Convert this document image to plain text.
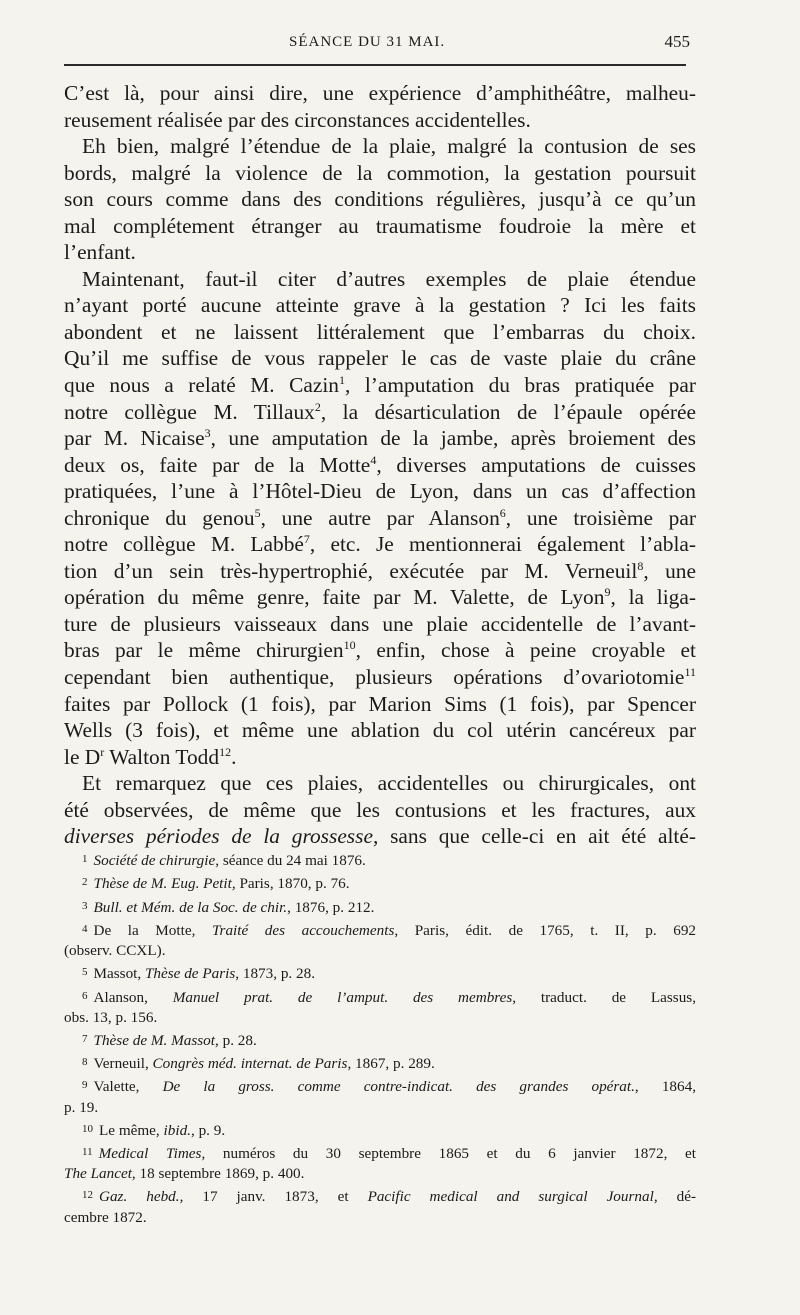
SÉANCE DU 31 MAI.	455

C’est là, pour ainsi dire, une expérience d’amphithéâtre, malheu-
reusement réalisée par des circonstances accidentelles.

Eh bien, malgré l’étendue de la plaie, malgré la contusion de ses
bords, malgré la violence de la commotion, la gestation poursuit
son cours comme dans des conditions régulières, jusqu’à ce qu’un
mal complétement étranger au traumatisme foudroie la mère et
l’enfant.

Maintenant, faut-il citer d’autres exemples de plaie étendue
n’ayant porté aucune atteinte grave à la gestation ? Ici les faits
abondent et ne laissent littéralement que l’embarras du choix.
Qu’il me suffise de vous rappeler le cas de vaste plaie du crâne
que nous a relaté M. Cazin$^1$, l’amputation du bras pratiquée par
notre collègue M. Tillaux$^2$, la désarticulation de l’épaule opérée
par M. Nicaise$^3$, une amputation de la jambe, après broiement des
deux os, faite par de la Motte$^4$, diverses amputations de cuisses
pratiquées, l’une à l’Hôtel-Dieu de Lyon, dans un cas d’affection
chronique du genou$^5$, une autre par Alanson$^6$, une troisième par
notre collègue M. Labbé$^7$, etc. Je mentionnerai également l’abla-
tion d’un sein très-hypertrophié, exécutée par M. Verneuil$^8$, une
opération du même genre, faite par M. Valette, de Lyon$^9$, la liga-
ture de plusieurs vaisseaux dans une plaie accidentelle de l’avant-
bras par le même chirurgien$^{10}$, enfin, chose à peine croyable et
cependant bien authentique, plusieurs opérations d’ovariotomie$^{11}$
faites par Pollock (1 fois), par Marion Sims (1 fois), par Spencer
Wells (3 fois), et même une ablation du col utérin cancéreux par
le $D^r$ Walton Todd$^{12}$.

Et remarquez que ces plaies, accidentelles ou chirurgicales, ont
été observées, de même que les contusions et les fractures, aux
diverses périodes de la grossesse, sans que celle-ci en ait été alté-

1 Société de chirurgie, séance du 24 mai 1876.
2 Thèse de M. Eug. Petit, Paris, 1870, p. 76.
3 Bull. et Mém. de la Soc. de chir., 1876, p. 212.
4 De la Motte, Traité des accouchements, Paris, édit. de 1765, t. II, p. 692
(observ. CCXL).
5 Massot, Thèse de Paris, 1873, p. 28.
6 Alanson, Manuel prat. de l’amput. des membres, traduct. de Lassus,
obs. 13, p. 156.
7 Thèse de M. Massot, p. 28.
8 Verneuil, Congrès méd. internat. de Paris, 1867, p. 289.
9 Valette, De la gross. comme contre-indicat. des grandes opérat., 1864,
p. 19.
10 Le même, ibid., p. 9.
11 Medical Times, numéros du 30 septembre 1865 et du 6 janvier 1872, et
The Lancet, 18 septembre 1869, p. 400.
12 Gaz. hebd., 17 janv. 1873, et Pacific medical and surgical Journal, dé-
cembre 1872.
